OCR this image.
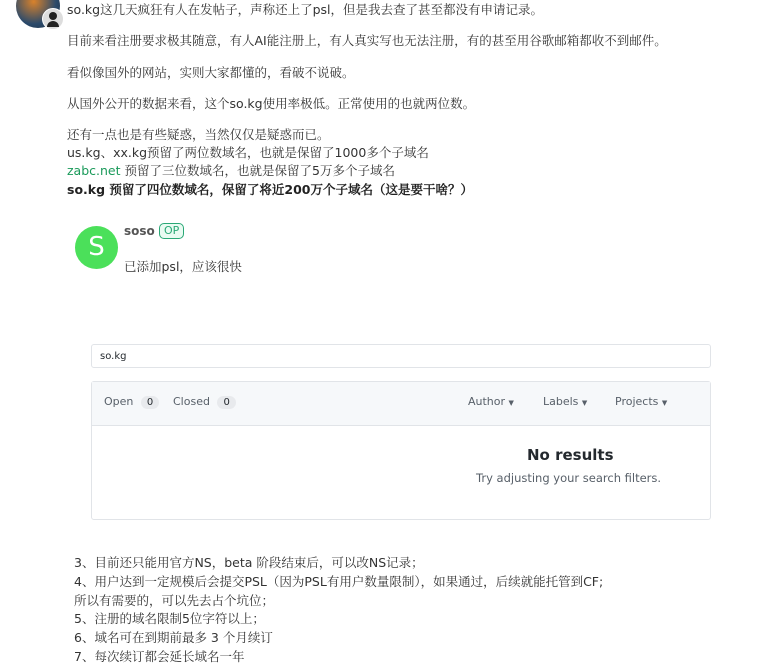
so.kg这几天疯狂有人在发帖子，声称还上了psl，但是我去查了甚至都没有申请记录。
目前来看注册要求极其随意，有人AI能注册上，有人真实写也无法注册，有的甚至用谷歌邮箱都收不到邮件。
看似像国外的网站，实则大家都懂的，看破不说破。
从国外公开的数据来看，这个so.kg使用率极低。正常使用的也就两位数。
还有一点也是有些疑惑，当然仅仅是疑惑而已。
us.kg、xx.kg预留了两位数域名，也就是保留了1000多个子域名
zabc.net 预留了三位数域名，也就是保留了5万多个子域名
so.kg 预留了四位数域名，保留了将近200万个子域名（这是要干啥？）
S
soso OP
已添加psl，应该很快
so.kg
Open 0	Closed 0	Author ▼	Labels ▼	Projects ▼
No results
Try adjusting your search filters.
3、目前还只能用官方NS，beta 阶段结束后，可以改NS记录；
4、用户达到一定规模后会提交PSL（因为PSL有用户数量限制），如果通过，后续就能托管到CF;
所以有需要的，可以先去占个坑位；
5、注册的域名限制5位字符以上；
6、域名可在到期前最多 3 个月续订
7、每次续订都会延长域名一年
